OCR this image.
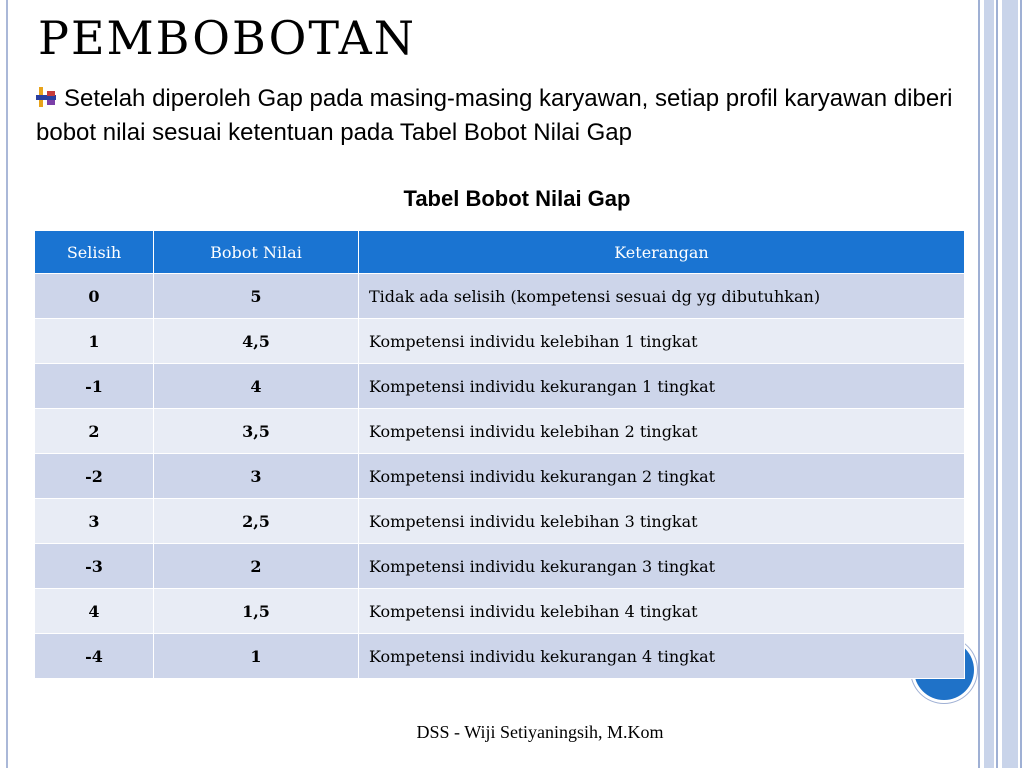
PEMBOBOTAN

Setelah diperoleh Gap pada masing-masing karyawan, setiap profil karyawan diberi bobot nilai sesuai ketentuan pada Tabel Bobot Nilai Gap

Tabel Bobot Nilai Gap
Selisih	Bobot Nilai	Keterangan
0	5	Tidak ada selisih (kompetensi sesuai dg yg dibutuhkan)
1	4,5	Kompetensi individu kelebihan 1 tingkat
-1	4	Kompetensi individu kekurangan 1 tingkat
2	3,5	Kompetensi individu kelebihan 2 tingkat
-2	3	Kompetensi individu kekurangan 2 tingkat
3	2,5	Kompetensi individu kelebihan 3 tingkat
-3	2	Kompetensi individu kekurangan 3 tingkat
4	1,5	Kompetensi individu kelebihan 4 tingkat
-4	1	Kompetensi individu kekurangan 4 tingkat
DSS - Wiji Setiyaningsih, M.Kom
